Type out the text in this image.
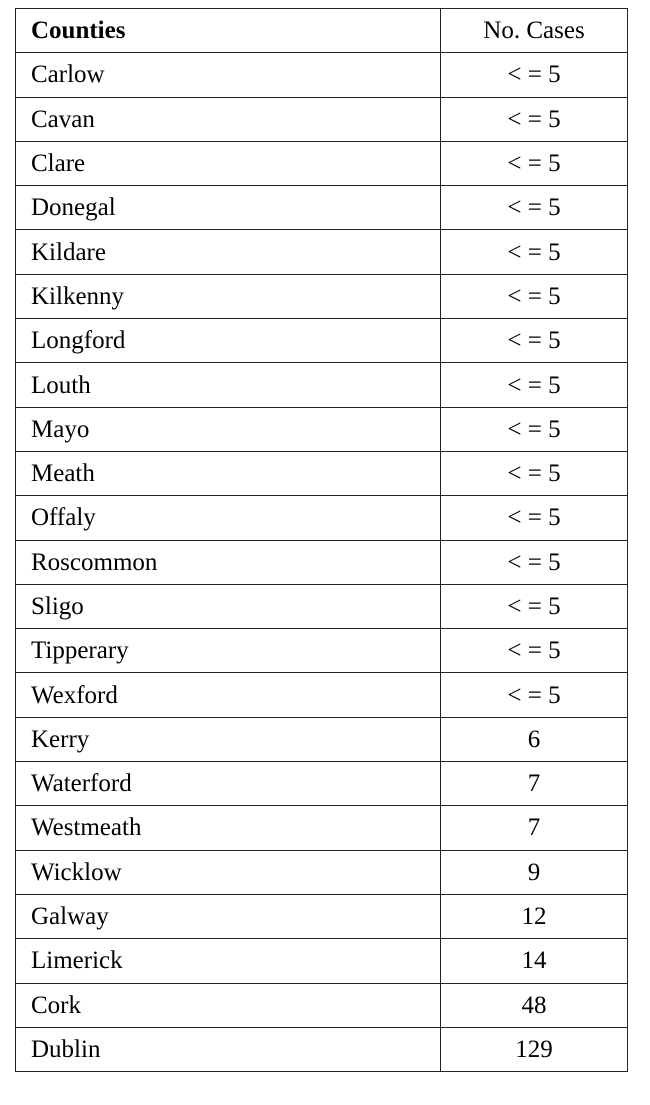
Counties	No. Cases
Carlow	< = 5
Cavan	< = 5
Clare	< = 5
Donegal	< = 5
Kildare	< = 5
Kilkenny	< = 5
Longford	< = 5
Louth	< = 5
Mayo	< = 5
Meath	< = 5
Offaly	< = 5
Roscommon	< = 5
Sligo	< = 5
Tipperary	< = 5
Wexford	< = 5
Kerry	6
Waterford	7
Westmeath	7
Wicklow	9
Galway	12
Limerick	14
Cork	48
Dublin	129
